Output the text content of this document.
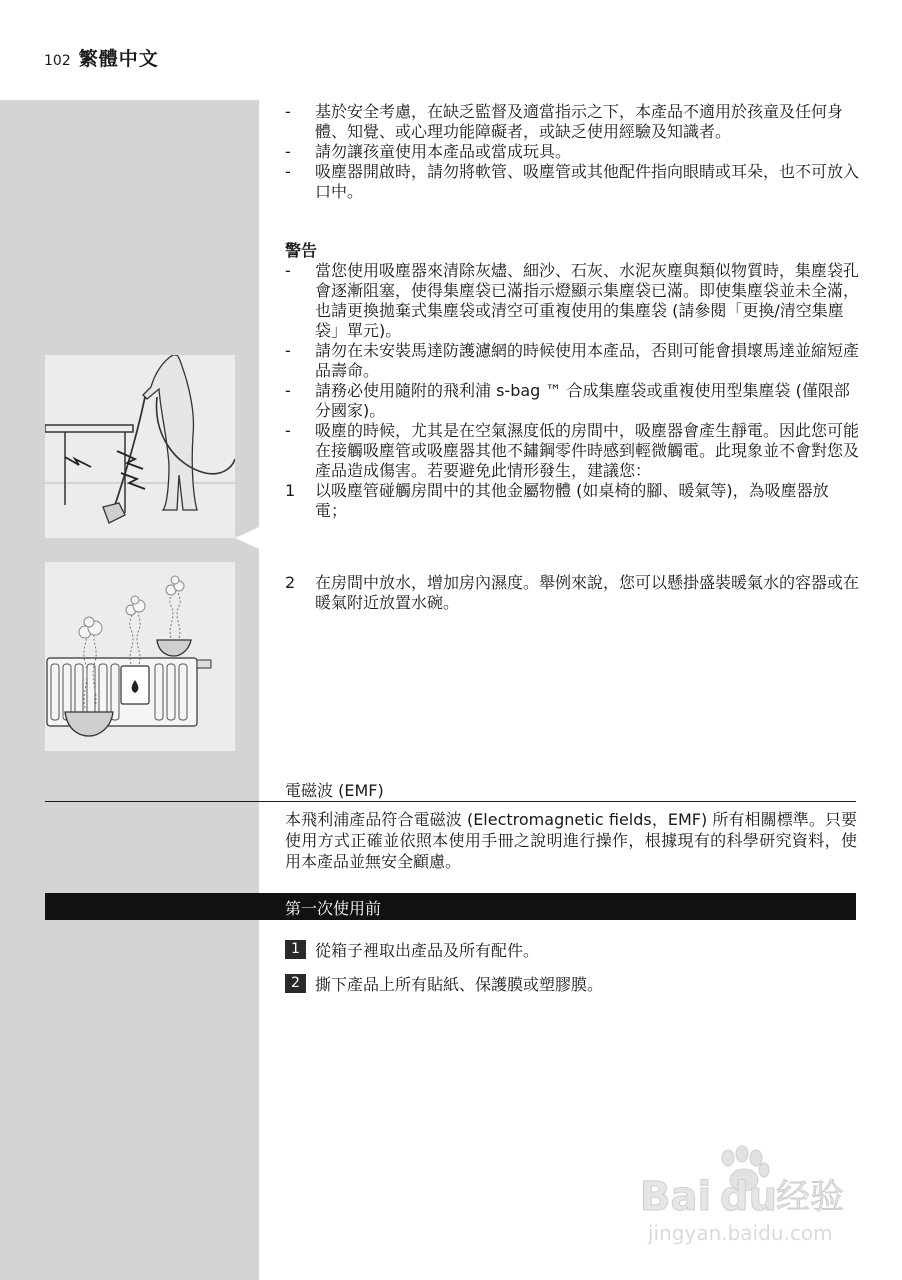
102 繁體中文
-	基於安全考慮，在缺乏監督及適當指示之下，本產品不適用於孩童及任何身體、知覺、或心理功能障礙者，或缺乏使用經驗及知識者。
-	請勿讓孩童使用本產品或當成玩具。
-	吸塵器開啟時，請勿將軟管、吸塵管或其他配件指向眼睛或耳朵，也不可放入口中。
警告
-	當您使用吸塵器來清除灰燼、細沙、石灰、水泥灰塵與類似物質時，集塵袋孔會逐漸阻塞，使得集塵袋已滿指示燈顯示集塵袋已滿。即使集塵袋並未全滿，也請更換拋棄式集塵袋或清空可重複使用的集塵袋 (請參閱「更換/清空集塵袋」單元)。
-	請勿在未安裝馬達防護濾網的時候使用本產品，否則可能會損壞馬達並縮短產品壽命。
-	請務必使用隨附的飛利浦 s-bag ™ 合成集塵袋或重複使用型集塵袋 (僅限部分國家)。
-	吸塵的時候，尤其是在空氣濕度低的房間中，吸塵器會產生靜電。因此您可能在接觸吸塵管或吸塵器其他不鏽鋼零件時感到輕微觸電。此現象並不會對您及產品造成傷害。若要避免此情形發生，建議您：
1	以吸塵管碰觸房間中的其他金屬物體 (如桌椅的腳、暖氣等)，為吸塵器放電；
2	在房間中放水，增加房內濕度。舉例來說，您可以懸掛盛裝暖氣水的容器或在暖氣附近放置水碗。
電磁波 (EMF)
本飛利浦產品符合電磁波 (Electromagnetic fields，EMF) 所有相關標準。只要使用方式正確並依照本使用手冊之說明進行操作，根據現有的科學研究資料，使用本產品並無安全顧慮。
第一次使用前
1 從箱子裡取出產品及所有配件。
2 撕下產品上所有貼紙、保護膜或塑膠膜。
Bai du
经验
jingyan.baidu.com
